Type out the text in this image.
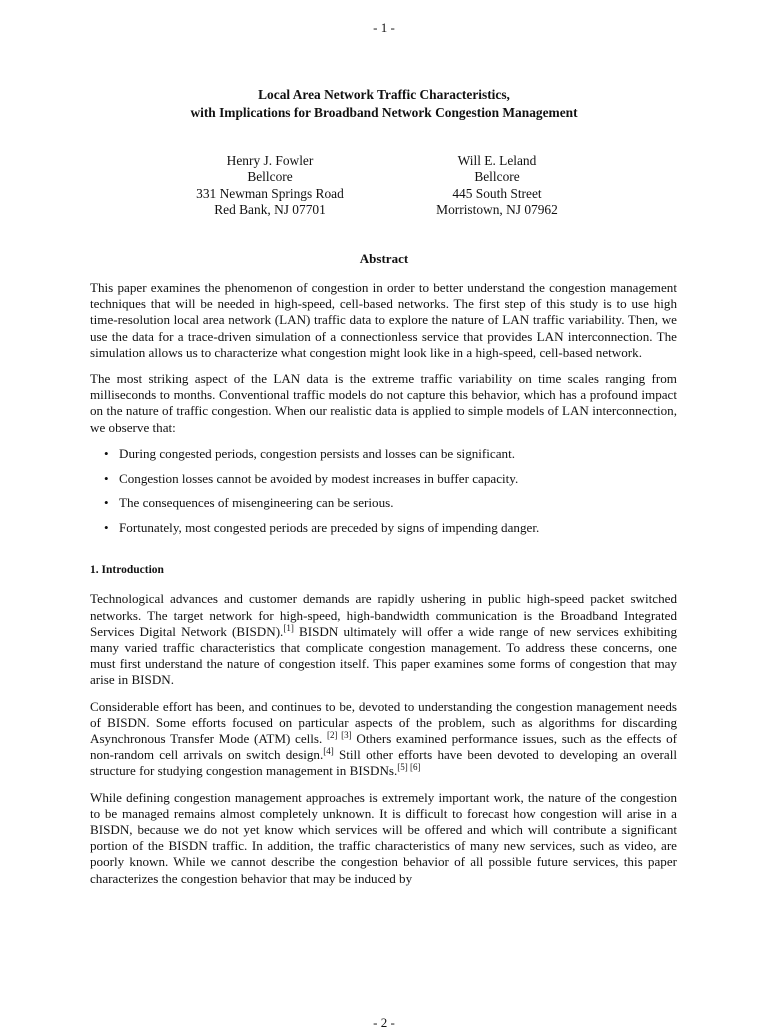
- 1 -
Local Area Network Traffic Characteristics,
with Implications for Broadband Network Congestion Management
Henry J. Fowler
Bellcore
331 Newman Springs Road
Red Bank, NJ 07701
Will E. Leland
Bellcore
445 South Street
Morristown, NJ 07962
Abstract

This paper examines the phenomenon of congestion in order to better understand the congestion management techniques that will be needed in high-speed, cell-based networks. The first step of this study is to use high time-resolution local area network (LAN) traffic data to explore the nature of LAN traffic variability. Then, we use the data for a trace-driven simulation of a connectionless service that provides LAN interconnection. The simulation allows us to characterize what congestion might look like in a high-speed, cell-based network.

The most striking aspect of the LAN data is the extreme traffic variability on time scales ranging from milliseconds to months. Conventional traffic models do not capture this behavior, which has a profound impact on the nature of traffic congestion. When our realistic data is applied to simple models of LAN interconnection, we observe that:

• During congested periods, congestion persists and losses can be significant.
• Congestion losses cannot be avoided by modest increases in buffer capacity.
• The consequences of misengineering can be serious.
• Fortunately, most congested periods are preceded by signs of impending danger.
1. Introduction

Technological advances and customer demands are rapidly ushering in public high-speed packet switched networks. The target network for high-speed, high-bandwidth communication is the Broadband Integrated Services Digital Network (BISDN).[1] BISDN ultimately will offer a wide range of new services exhibiting many varied traffic characteristics that complicate congestion management. To address these concerns, one must first understand the nature of congestion itself. This paper examines some forms of congestion that may arise in BISDN.

Considerable effort has been, and continues to be, devoted to understanding the congestion management needs of BISDN. Some efforts focused on particular aspects of the problem, such as algorithms for discarding Asynchronous Transfer Mode (ATM) cells. [2] [3] Others examined performance issues, such as the effects of non-random cell arrivals on switch design.[4] Still other efforts have been devoted to developing an overall structure for studying congestion management in BISDNs.[5] [6]

While defining congestion management approaches is extremely important work, the nature of the congestion to be managed remains almost completely unknown. It is difficult to forecast how congestion will arise in a BISDN, because we do not yet know which services will be offered and which will contribute a significant portion of the BISDN traffic. In addition, the traffic characteristics of many new services, such as video, are poorly known. While we cannot describe the congestion behavior of all possible future services, this paper characterizes the congestion behavior that may be induced by

- 2 -
